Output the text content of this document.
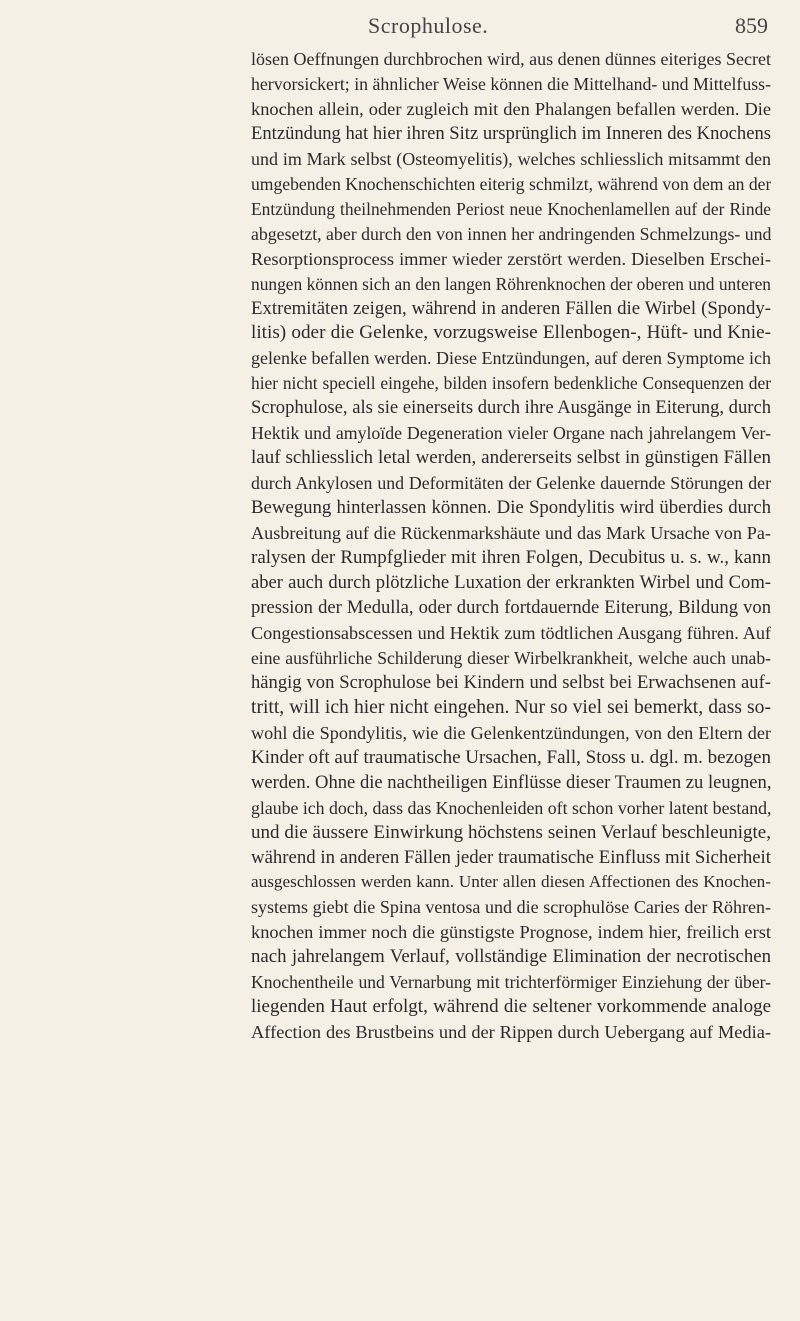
Scrophulose.	859
lösen Oeffnungen durchbrochen wird, aus denen dünnes eiteriges Secret
hervorsickert; in ähnlicher Weise können die Mittelhand- und Mittelfuss-
knochen allein, oder zugleich mit den Phalangen befallen werden. Die
Entzündung hat hier ihren Sitz ursprünglich im Inneren des Knochens
und im Mark selbst (Osteomyelitis), welches schliesslich mitsammt den
umgebenden Knochenschichten eiterig schmilzt, während von dem an der
Entzündung theilnehmenden Periost neue Knochenlamellen auf der Rinde
abgesetzt, aber durch den von innen her andringenden Schmelzungs- und
Resorptionsprocess immer wieder zerstört werden. Dieselben Erschei-
nungen können sich an den langen Röhrenknochen der oberen und unteren
Extremitäten zeigen, während in anderen Fällen die Wirbel (Spondy-
litis) oder die Gelenke, vorzugsweise Ellenbogen-, Hüft- und Knie-
gelenke befallen werden. Diese Entzündungen, auf deren Symptome ich
hier nicht speciell eingehe, bilden insofern bedenkliche Consequenzen der
Scrophulose, als sie einerseits durch ihre Ausgänge in Eiterung, durch
Hektik und amyloïde Degeneration vieler Organe nach jahrelangem Ver-
lauf schliesslich letal werden, andererseits selbst in günstigen Fällen
durch Ankylosen und Deformitäten der Gelenke dauernde Störungen der
Bewegung hinterlassen können. Die Spondylitis wird überdies durch
Ausbreitung auf die Rückenmarkshäute und das Mark Ursache von Pa-
ralysen der Rumpfglieder mit ihren Folgen, Decubitus u. s. w., kann
aber auch durch plötzliche Luxation der erkrankten Wirbel und Com-
pression der Medulla, oder durch fortdauernde Eiterung, Bildung von
Congestionsabscessen und Hektik zum tödtlichen Ausgang führen. Auf
eine ausführliche Schilderung dieser Wirbelkrankheit, welche auch unab-
hängig von Scrophulose bei Kindern und selbst bei Erwachsenen auf-
tritt, will ich hier nicht eingehen. Nur so viel sei bemerkt, dass so-
wohl die Spondylitis, wie die Gelenkentzündungen, von den Eltern der
Kinder oft auf traumatische Ursachen, Fall, Stoss u. dgl. m. bezogen
werden. Ohne die nachtheiligen Einflüsse dieser Traumen zu leugnen,
glaube ich doch, dass das Knochenleiden oft schon vorher latent bestand,
und die äussere Einwirkung höchstens seinen Verlauf beschleunigte,
während in anderen Fällen jeder traumatische Einfluss mit Sicherheit
ausgeschlossen werden kann. Unter allen diesen Affectionen des Knochen-
systems giebt die Spina ventosa und die scrophulöse Caries der Röhren-
knochen immer noch die günstigste Prognose, indem hier, freilich erst
nach jahrelangem Verlauf, vollständige Elimination der necrotischen
Knochentheile und Vernarbung mit trichterförmiger Einziehung der über-
liegenden Haut erfolgt, während die seltener vorkommende analoge
Affection des Brustbeins und der Rippen durch Uebergang auf Media-
